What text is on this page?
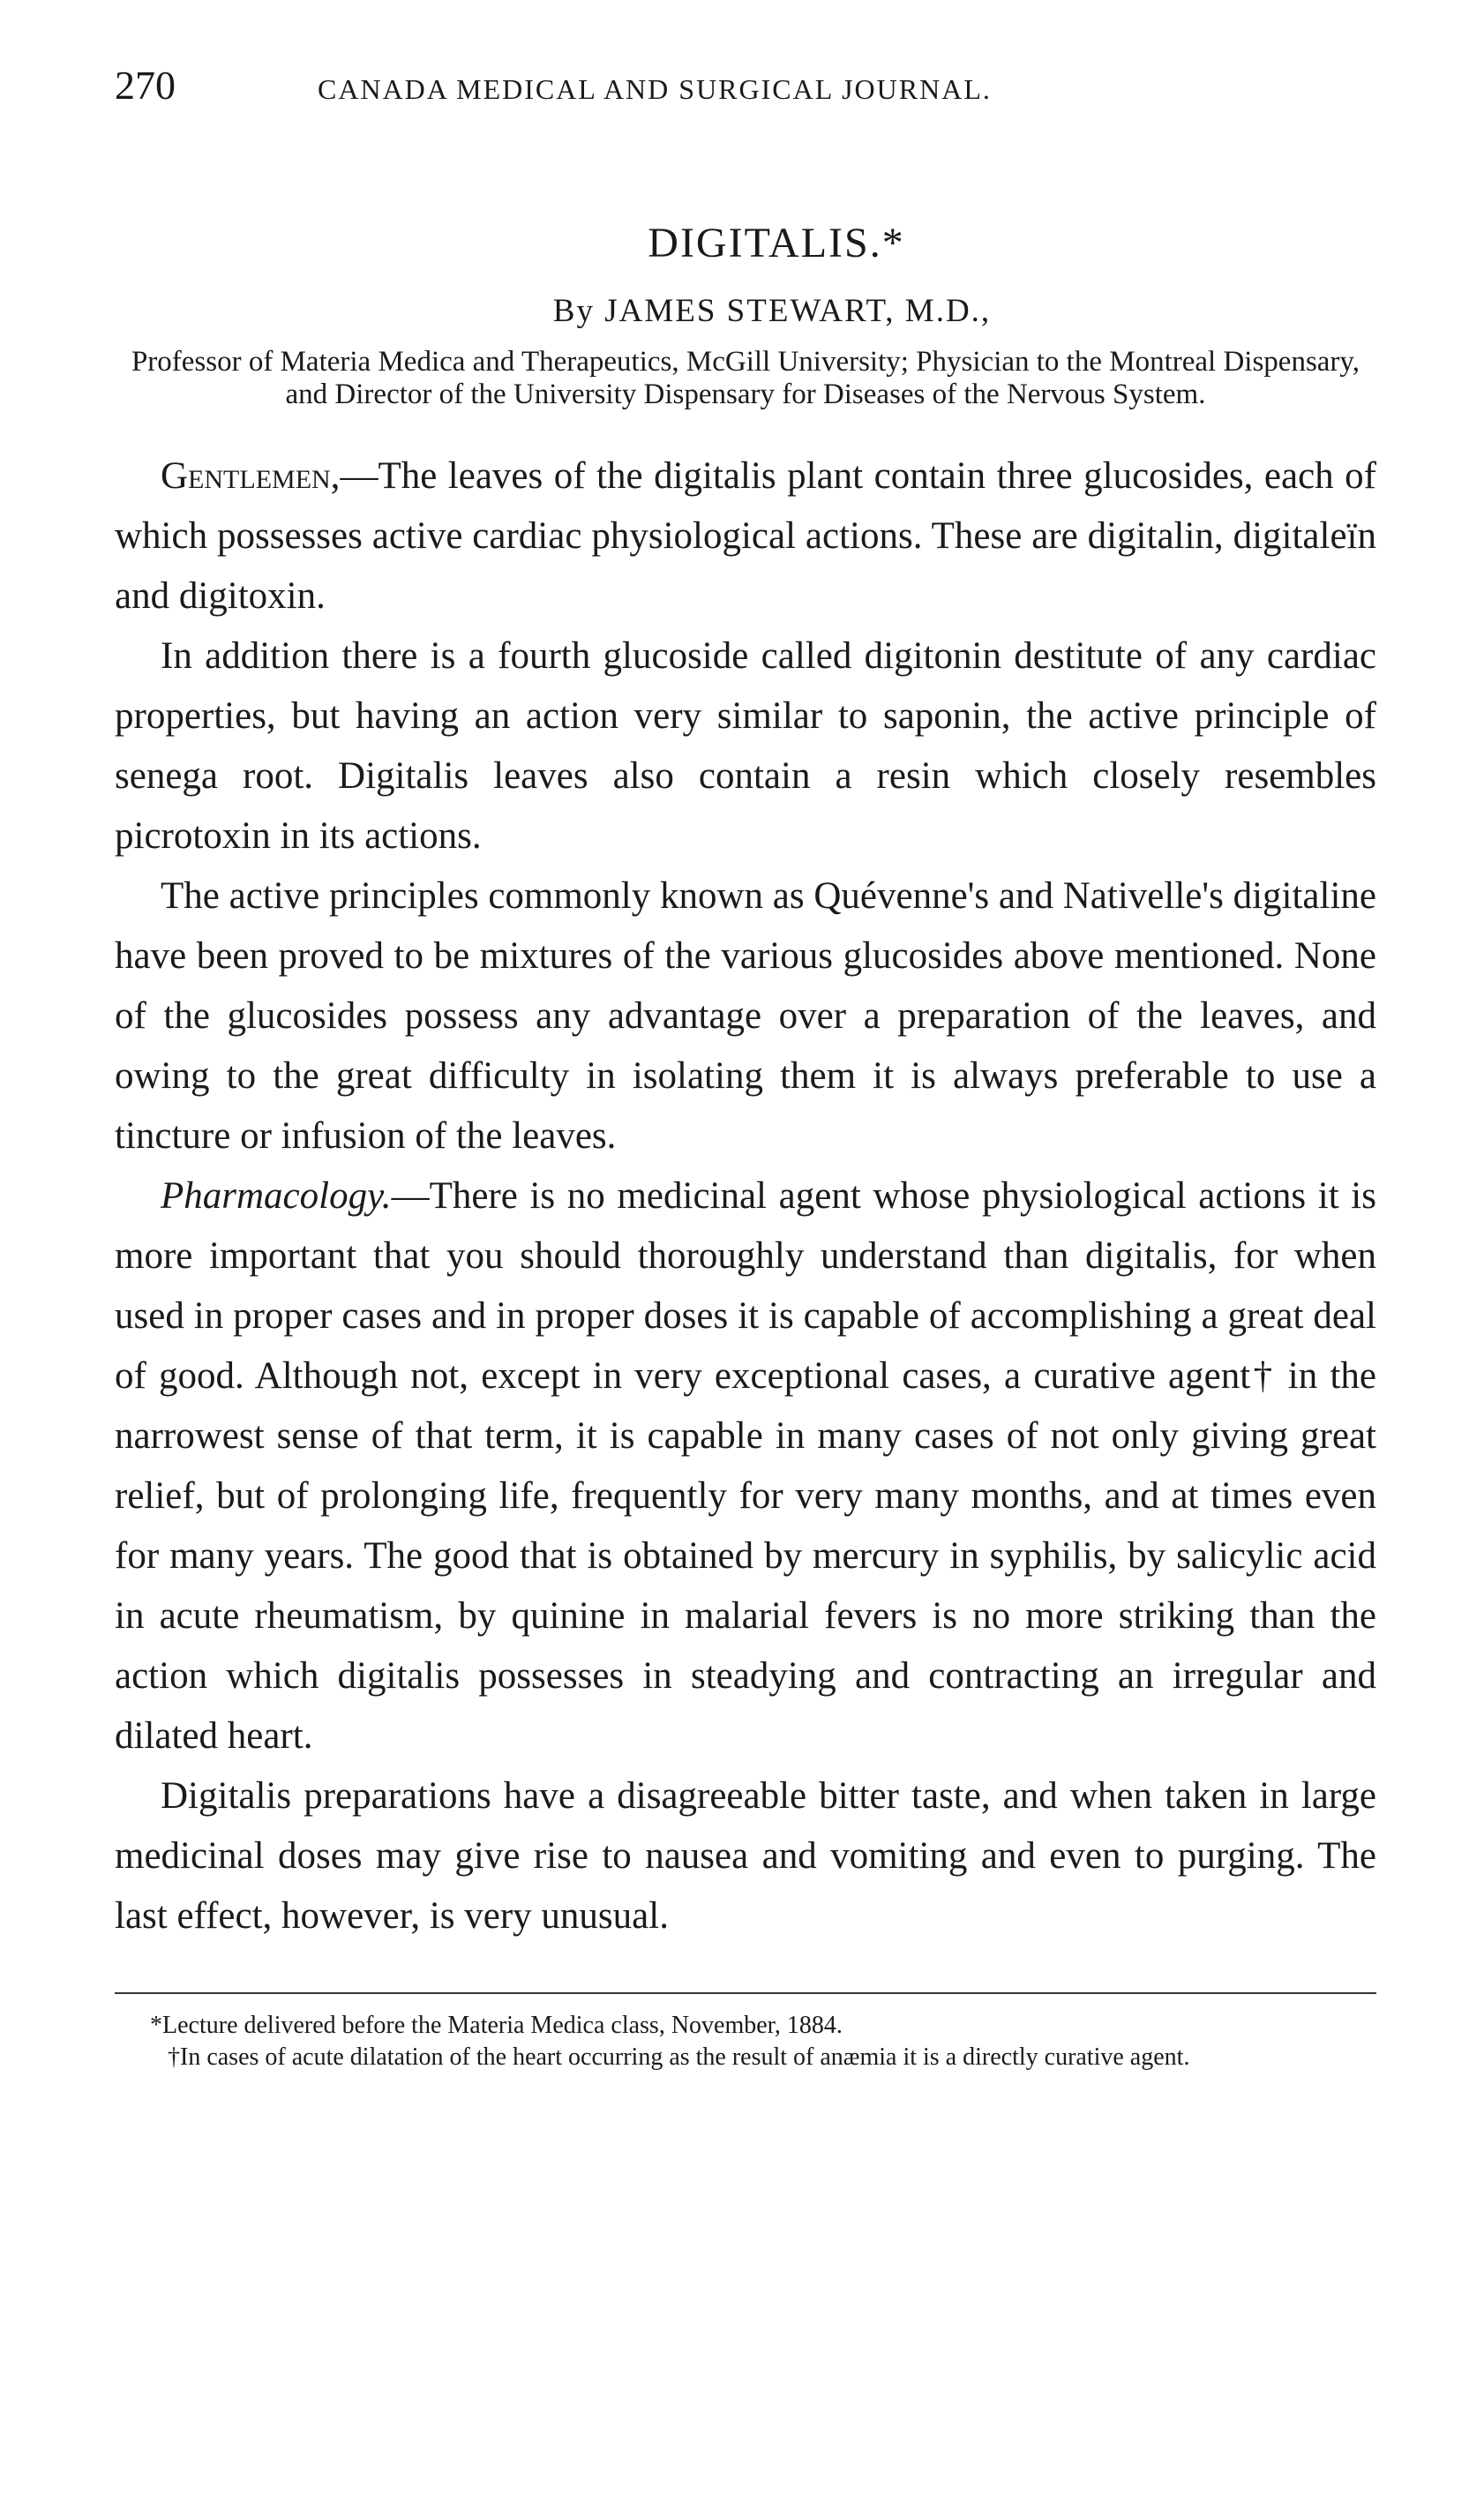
270	CANADA MEDICAL AND SURGICAL JOURNAL.
DIGITALIS.*
By JAMES STEWART, M.D.,
Professor of Materia Medica and Therapeutics, McGill University; Physician to the Montreal Dispensary, and Director of the University Dispensary for Diseases of the Nervous System.

Gentlemen,—The leaves of the digitalis plant contain three glucosides, each of which possesses active cardiac physiological actions. These are digitalin, digitaleïn and digitoxin.

In addition there is a fourth glucoside called digitonin destitute of any cardiac properties, but having an action very similar to saponin, the active principle of senega root. Digitalis leaves also contain a resin which closely resembles picrotoxin in its actions.

The active principles commonly known as Quévenne's and Nativelle's digitaline have been proved to be mixtures of the various glucosides above mentioned. None of the glucosides possess any advantage over a preparation of the leaves, and owing to the great difficulty in isolating them it is always preferable to use a tincture or infusion of the leaves.

Pharmacology.—There is no medicinal agent whose physiological actions it is more important that you should thoroughly understand than digitalis, for when used in proper cases and in proper doses it is capable of accomplishing a great deal of good. Although not, except in very exceptional cases, a curative agent† in the narrowest sense of that term, it is capable in many cases of not only giving great relief, but of prolonging life, frequently for very many months, and at times even for many years. The good that is obtained by mercury in syphilis, by salicylic acid in acute rheumatism, by quinine in malarial fevers is no more striking than the action which digitalis possesses in steadying and contracting an irregular and dilated heart.

Digitalis preparations have a disagreeable bitter taste, and when taken in large medicinal doses may give rise to nausea and vomiting and even to purging. The last effect, however, is very unusual.

*Lecture delivered before the Materia Medica class, November, 1884.

†In cases of acute dilatation of the heart occurring as the result of anæmia it is a directly curative agent.
